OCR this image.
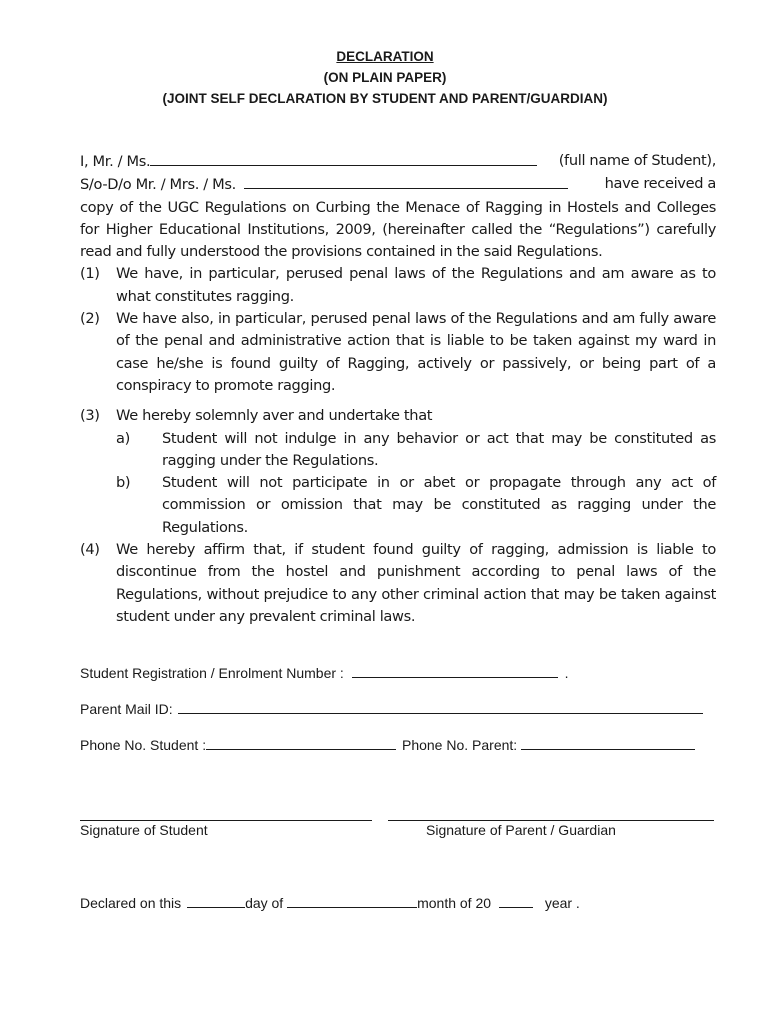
DECLARATION
(ON PLAIN PAPER)
(JOINT SELF DECLARATION BY STUDENT AND PARENT/GUARDIAN)
I, Mr. / Ms.	(full name of Student),
S/o-D/o Mr. / Mrs. / Ms.	have received a
copy of the UGC Regulations on Curbing the Menace of Ragging in Hostels and Colleges for Higher Educational Institutions, 2009, (hereinafter called the “Regulations”) carefully read and fully understood the provisions contained in the said Regulations.
(1) We have, in particular, perused penal laws of the Regulations and am aware as to what constitutes ragging.
(2) We have also, in particular, perused penal laws of the Regulations and am fully aware of the penal and administrative action that is liable to be taken against my ward in case he/she is found guilty of Ragging, actively or passively, or being part of a conspiracy to promote ragging.
(3) We hereby solemnly aver and undertake that
a) Student will not indulge in any behavior or act that may be constituted as ragging under the Regulations.
b) Student will not participate in or abet or propagate through any act of commission or omission that may be constituted as ragging under the Regulations.
(4) We hereby affirm that, if student found guilty of ragging, admission is liable to discontinue from the hostel and punishment according to penal laws of the Regulations, without prejudice to any other criminal action that may be taken against student under any prevalent criminal laws.
Student Registration / Enrolment Number :	.
Parent Mail ID:
Phone No. Student :	Phone No. Parent:
Signature of Student	Signature of Parent / Guardian
Declared on this	day of	month of 20	year .
